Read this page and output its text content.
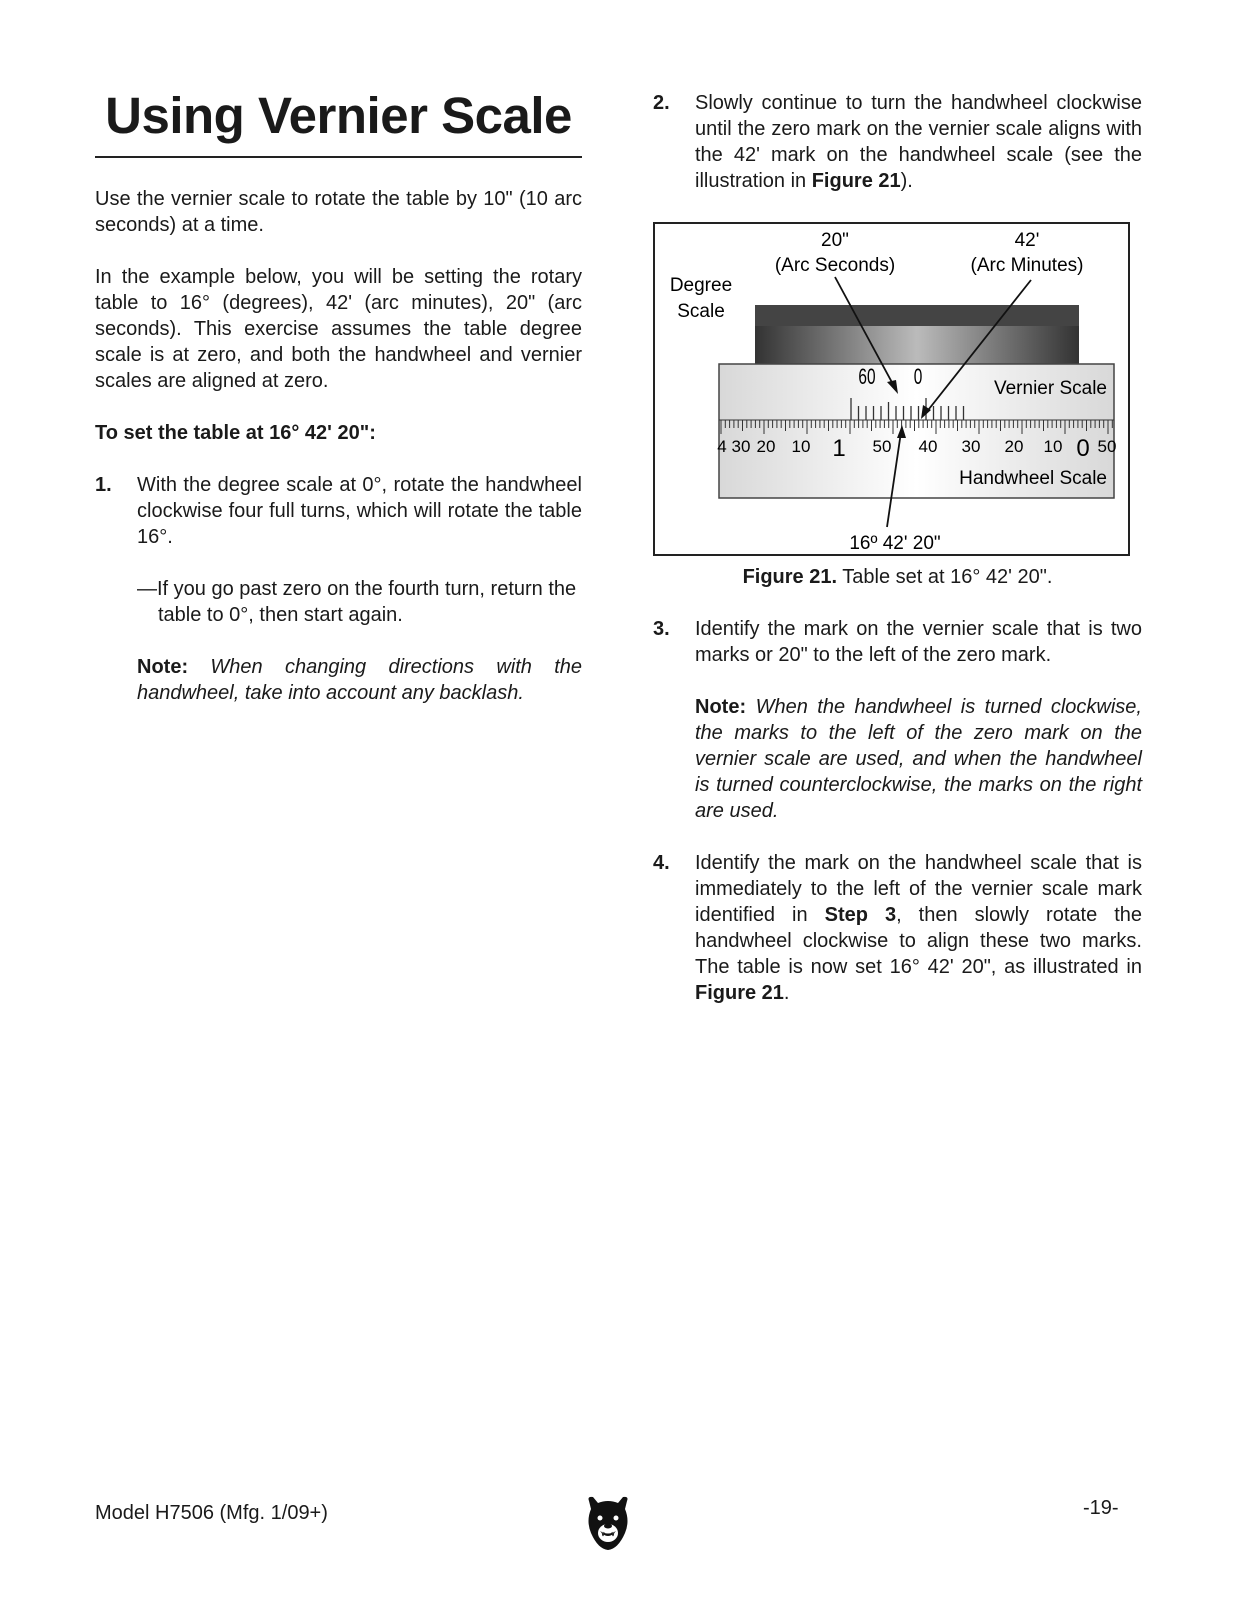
Using Vernier Scale

Use the vernier scale to rotate the table by 10" (10 arc seconds) at a time.

In the example below, you will be setting the rotary table to 16° (degrees), 42' (arc minutes), 20" (arc seconds). This exercise assumes the table degree scale is at zero, and both the handwheel and vernier scales are aligned at zero.

To set the table at 16° 42' 20":

1. With the degree scale at 0°, rotate the handwheel clockwise four full turns, which will rotate the table 16°.

—If you go past zero on the fourth turn, return the table to 0°, then start again.

Note: When changing directions with the handwheel, take into account any backlash.

2. Slowly continue to turn the handwheel clockwise until the zero mark on the vernier scale aligns with the 42' mark on the handwheel scale (see the illustration in Figure 21).

60 0	Vernier Scale
Handwheel Scale
4 30 20 10 1 50 40 30 20 10 0 50
20"
(Arc Seconds)
42'
(Arc Minutes)
Degree
Scale
16º 42' 20"
Figure 21. Table set at 16° 42' 20".
3. Identify the mark on the vernier scale that is two marks or 20" to the left of the zero mark.

Note: When the handwheel is turned clockwise, the marks to the left of the zero mark on the vernier scale are used, and when the handwheel is turned counterclockwise, the marks on the right are used.

4. Identify the mark on the handwheel scale that is immediately to the left of the vernier scale mark identified in Step 3, then slowly rotate the handwheel clockwise to align these two marks. The table is now set 16° 42' 20", as illustrated in Figure 21.

Model H7506 (Mfg. 1/09+)	-19-
